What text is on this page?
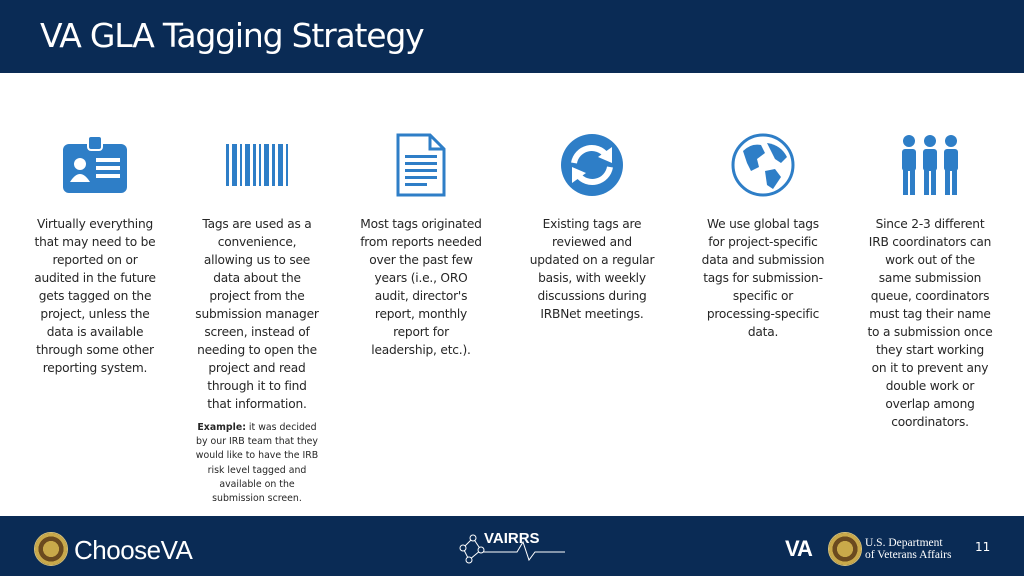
VA GLA Tagging Strategy
Virtually everything
that may need to be
reported on or
audited in the future
gets tagged on the
project, unless the
data is available
through some other
reporting system.
Tags are used as a
convenience,
allowing us to see
data about the
project from the
submission manager
screen, instead of
needing to open the
project and read
through it to find
that information.
Example: it was decided by our IRB team that they would like to have the IRB risk level tagged and available on the submission screen.
Most tags originated
from reports needed
over the past few
years (i.e., ORO
audit, director's
report, monthly
report for
leadership, etc.).
Existing tags are
reviewed and
updated on a regular
basis, with weekly
discussions during
IRBNet meetings.
We use global tags
for project-specific
data and submission
tags for submission-
specific or
processing-specific
data.
Since 2-3 different
IRB coordinators can
work out of the
same submission
queue, coordinators
must tag their name
to a submission once
they start working
on it to prevent any
double work or
overlap among
coordinators.
ChooseVA	VAIRRS	VA	U.S. Department
of Veterans Affairs
11
